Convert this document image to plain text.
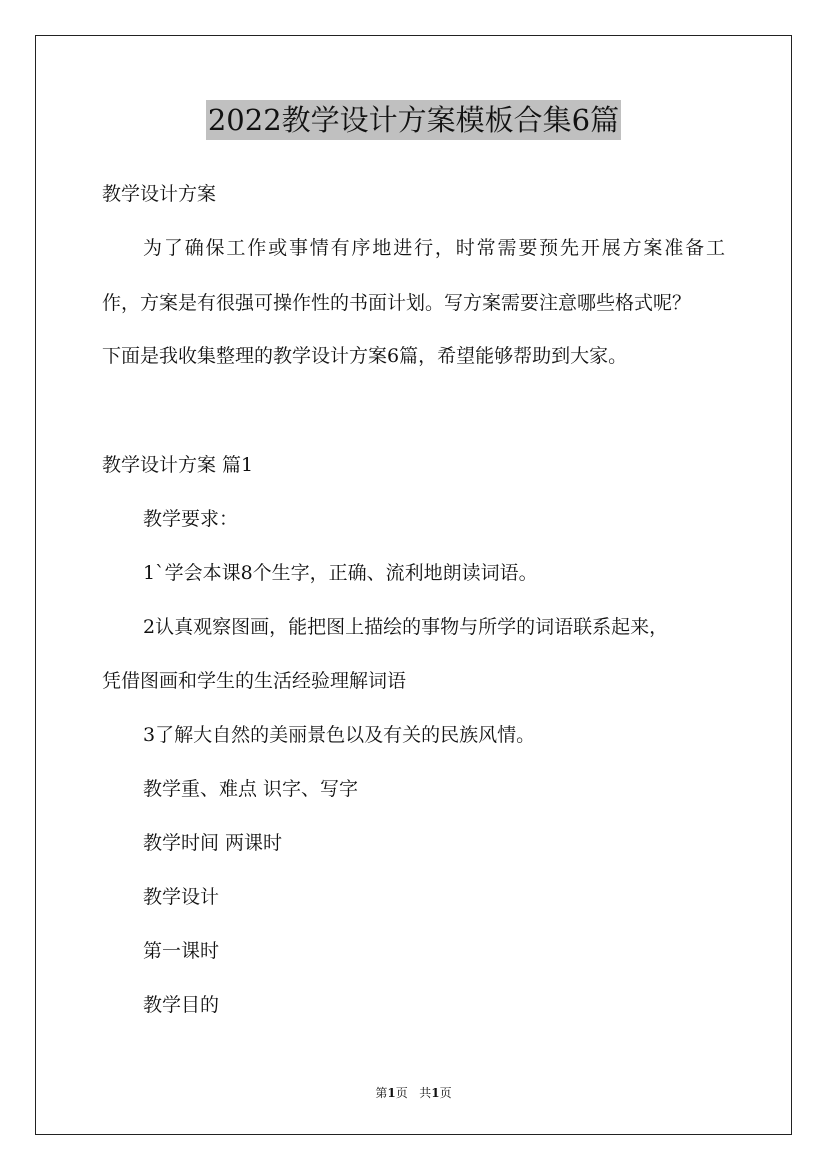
2022教学设计方案模板合集6篇
教学设计方案
为了确保工作或事情有序地进行，时常需要预先开展方案准备工
作，方案是有很强可操作性的书面计划。写方案需要注意哪些格式呢？
下面是我收集整理的教学设计方案6篇，希望能够帮助到大家。
教学设计方案 篇1
教学要求：
1`学会本课8个生字，正确、流利地朗读词语。
2认真观察图画，能把图上描绘的事物与所学的词语联系起来，
凭借图画和学生的生活经验理解词语
3了解大自然的美丽景色以及有关的民族风情。
教学重、难点 识字、写字
教学时间 两课时
教学设计
第一课时
教学目的
第1页 共1页
